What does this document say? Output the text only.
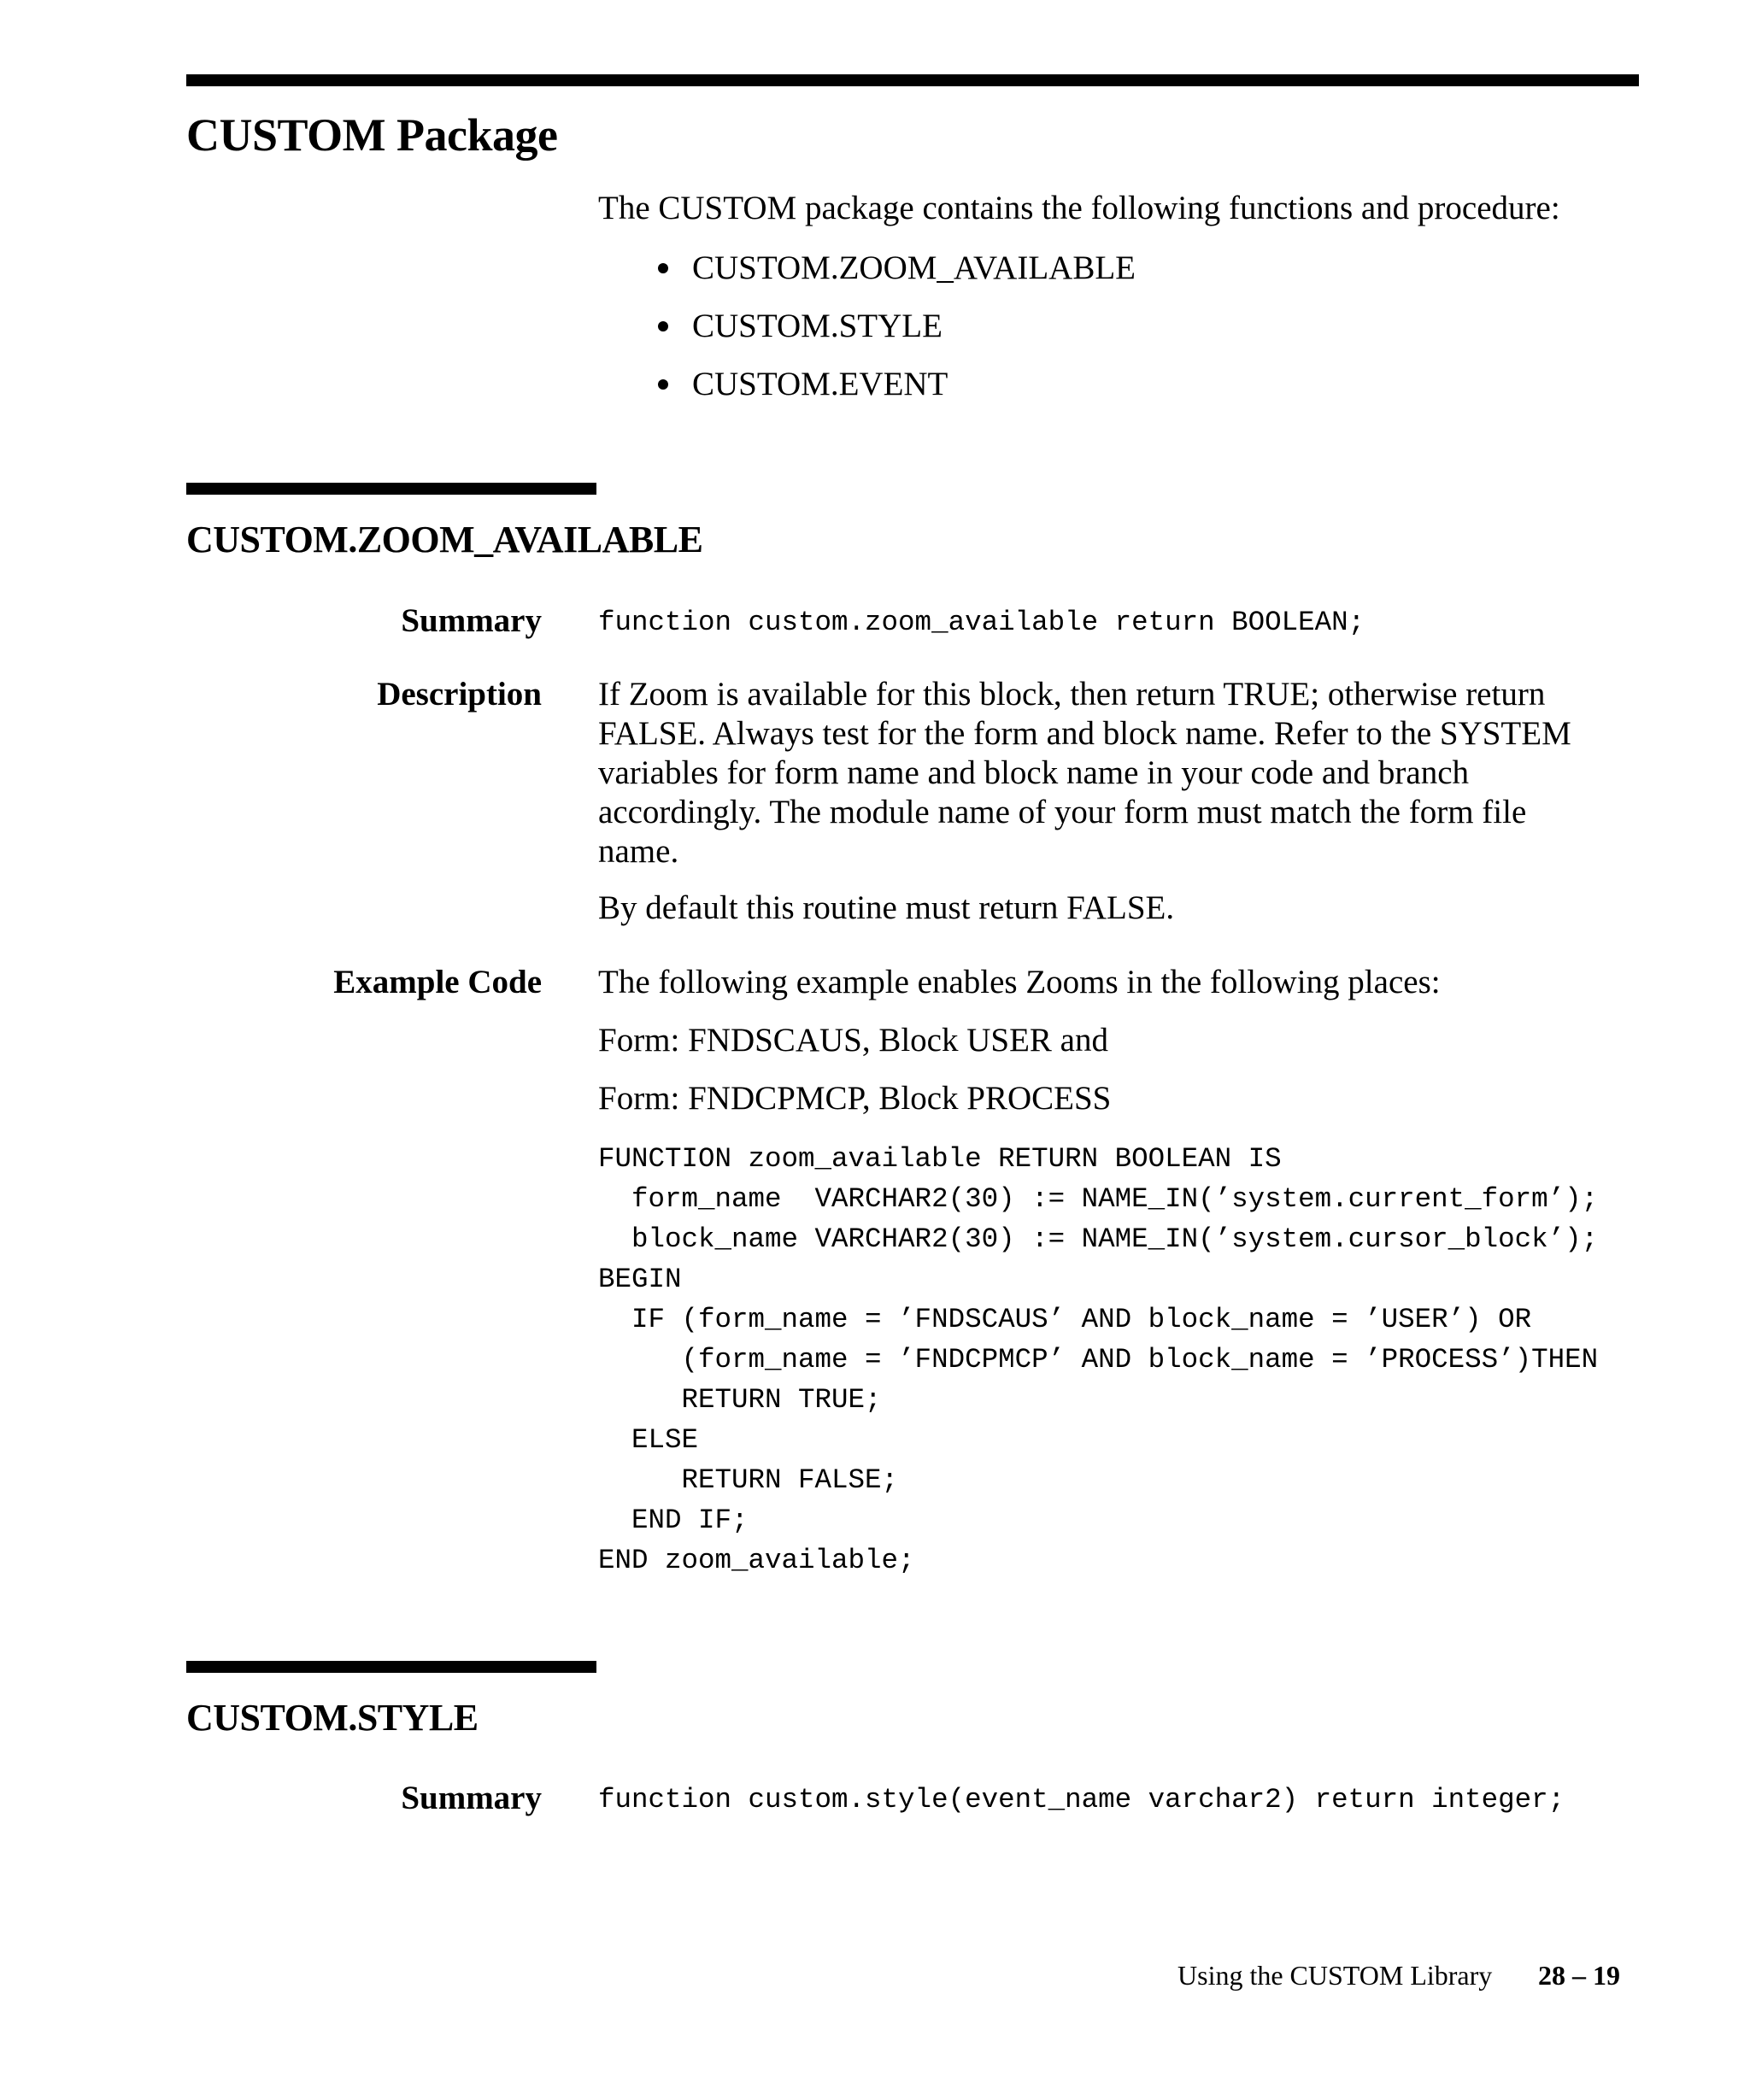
CUSTOM Package

The CUSTOM package contains the following functions and procedure:

CUSTOM.ZOOM_AVAILABLE
CUSTOM.STYLE
CUSTOM.EVENT
CUSTOM.ZOOM_AVAILABLE

Summary function custom.zoom_available return BOOLEAN;

Description If Zoom is available for this block, then return TRUE; otherwise return FALSE. Always test for the form and block name. Refer to the SYSTEM variables for form name and block name in your code and branch accordingly. The module name of your form must match the form file name.

By default this routine must return FALSE.

Example Code The following example enables Zooms in the following places:

Form: FNDSCAUS, Block USER and

Form: FNDCPMCP, Block PROCESS

FUNCTION zoom_available RETURN BOOLEAN IS
form_name  VARCHAR2(30) := NAME_IN(’system.current_form’);
block_name VARCHAR2(30) := NAME_IN(’system.cursor_block’);
BEGIN
IF (form_name = ’FNDSCAUS’ AND block_name = ’USER’) OR
(form_name = ’FNDCPMCP’ AND block_name = ’PROCESS’)THEN
RETURN TRUE;
ELSE
RETURN FALSE;
END IF;
END zoom_available;
CUSTOM.STYLE

Summary function custom.style(event_name varchar2) return integer;

Using the CUSTOM Library 28 – 19
